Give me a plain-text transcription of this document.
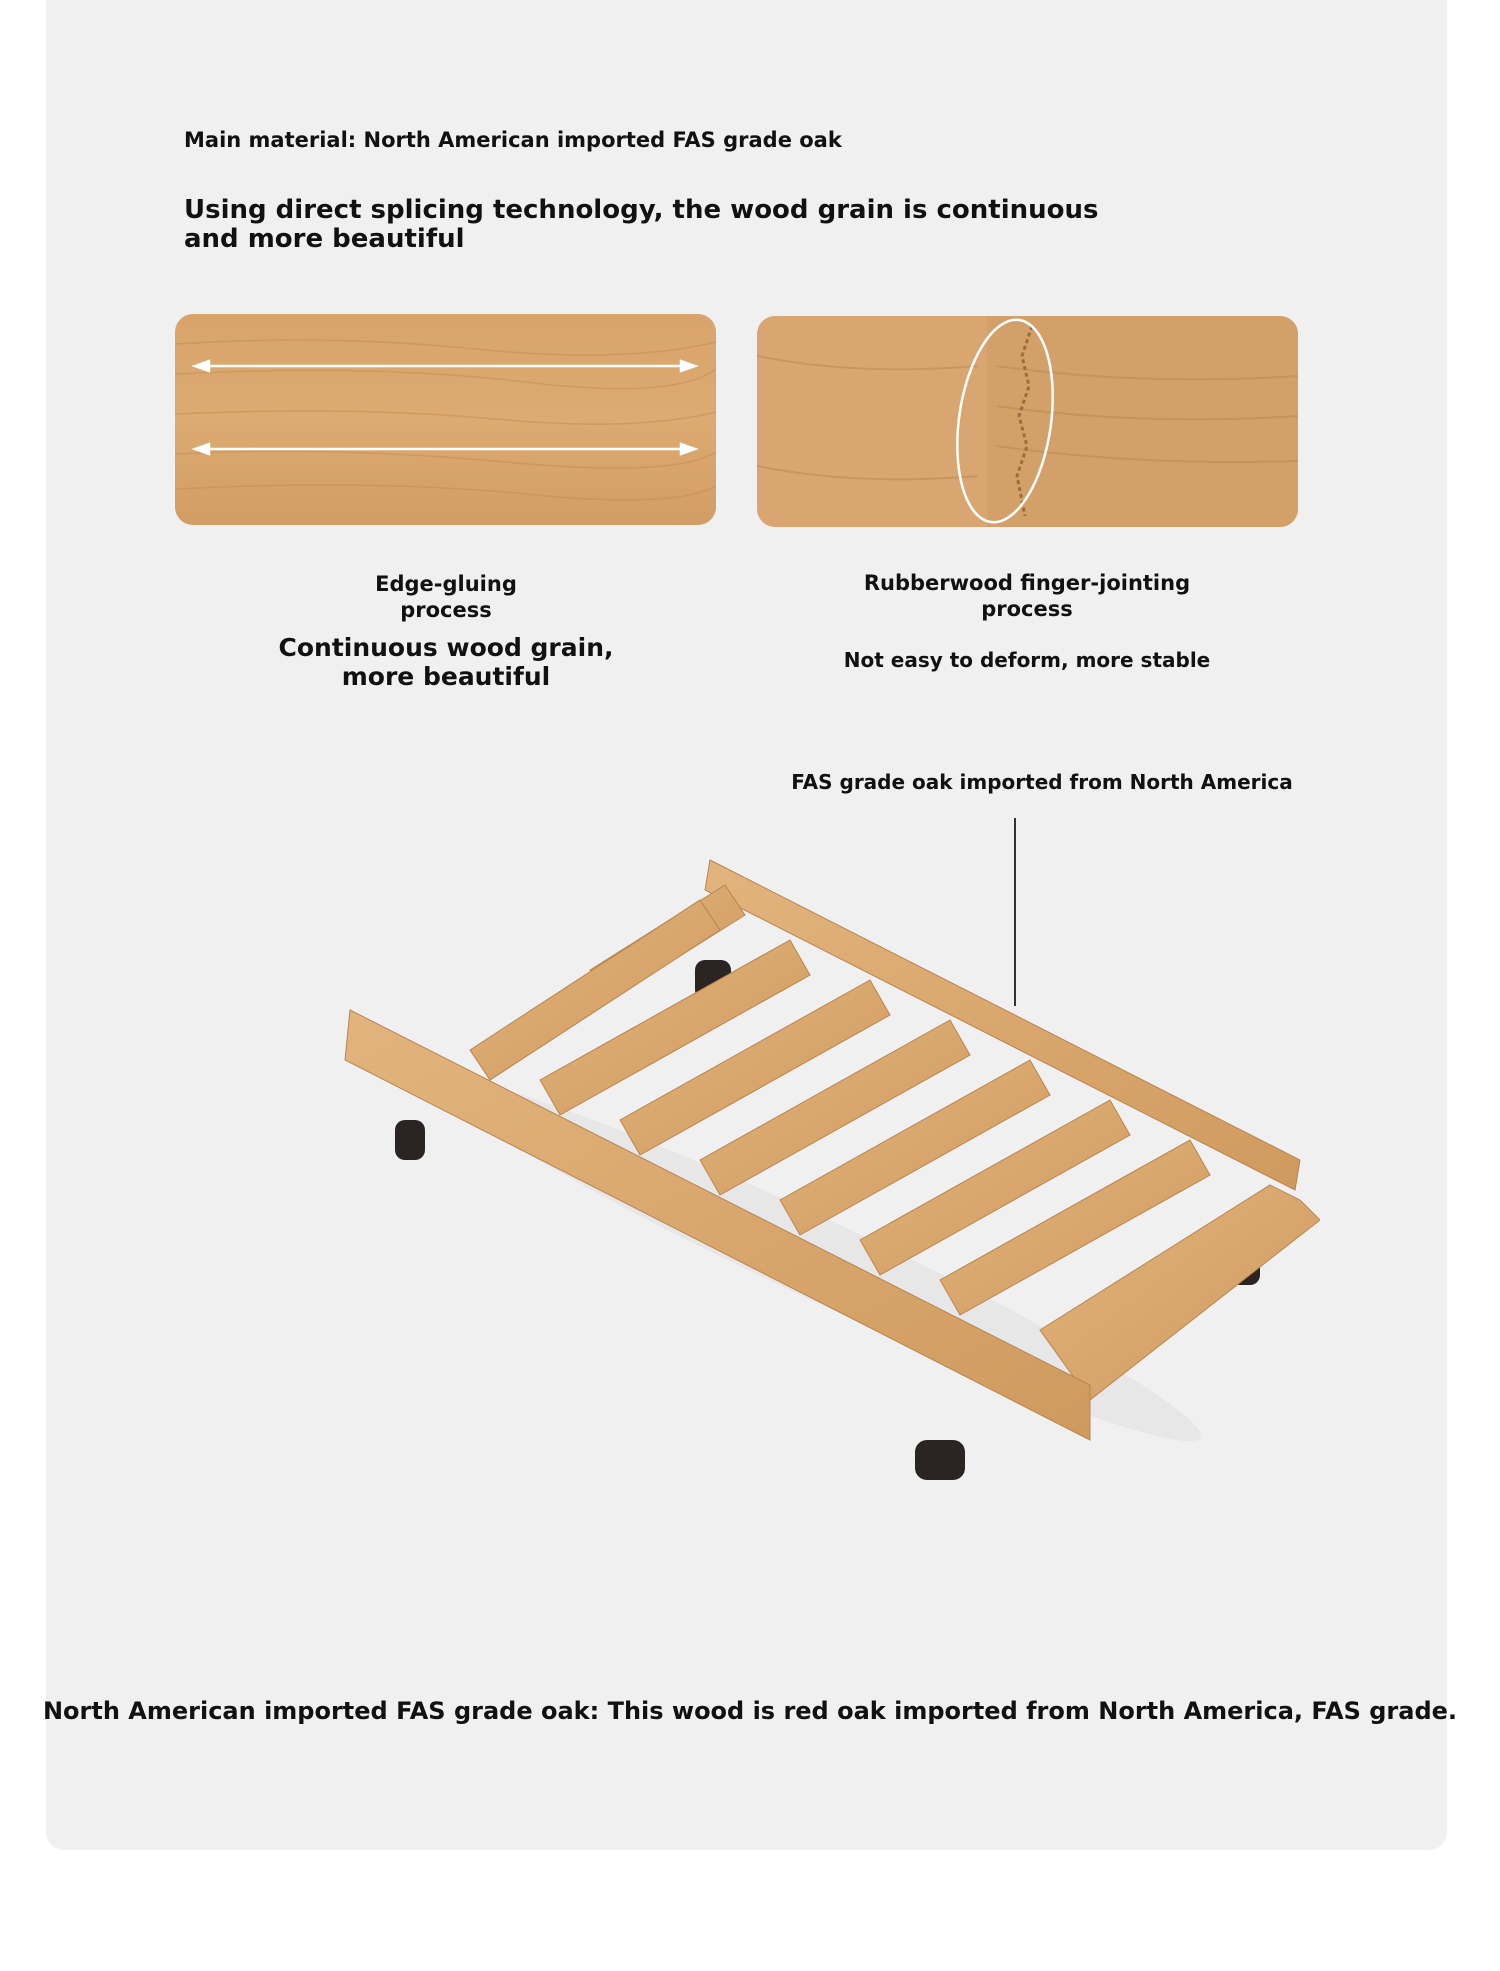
Main material: North American imported FAS grade oak
Using direct splicing technology, the wood grain is continuous
and more beautiful
Edge-gluing
process
Continuous wood grain,
more beautiful
Rubberwood finger-jointing
process
Not easy to deform, more stable
FAS grade oak imported from North America
North American imported FAS grade oak: This wood is red oak imported from North America, FAS grade.
